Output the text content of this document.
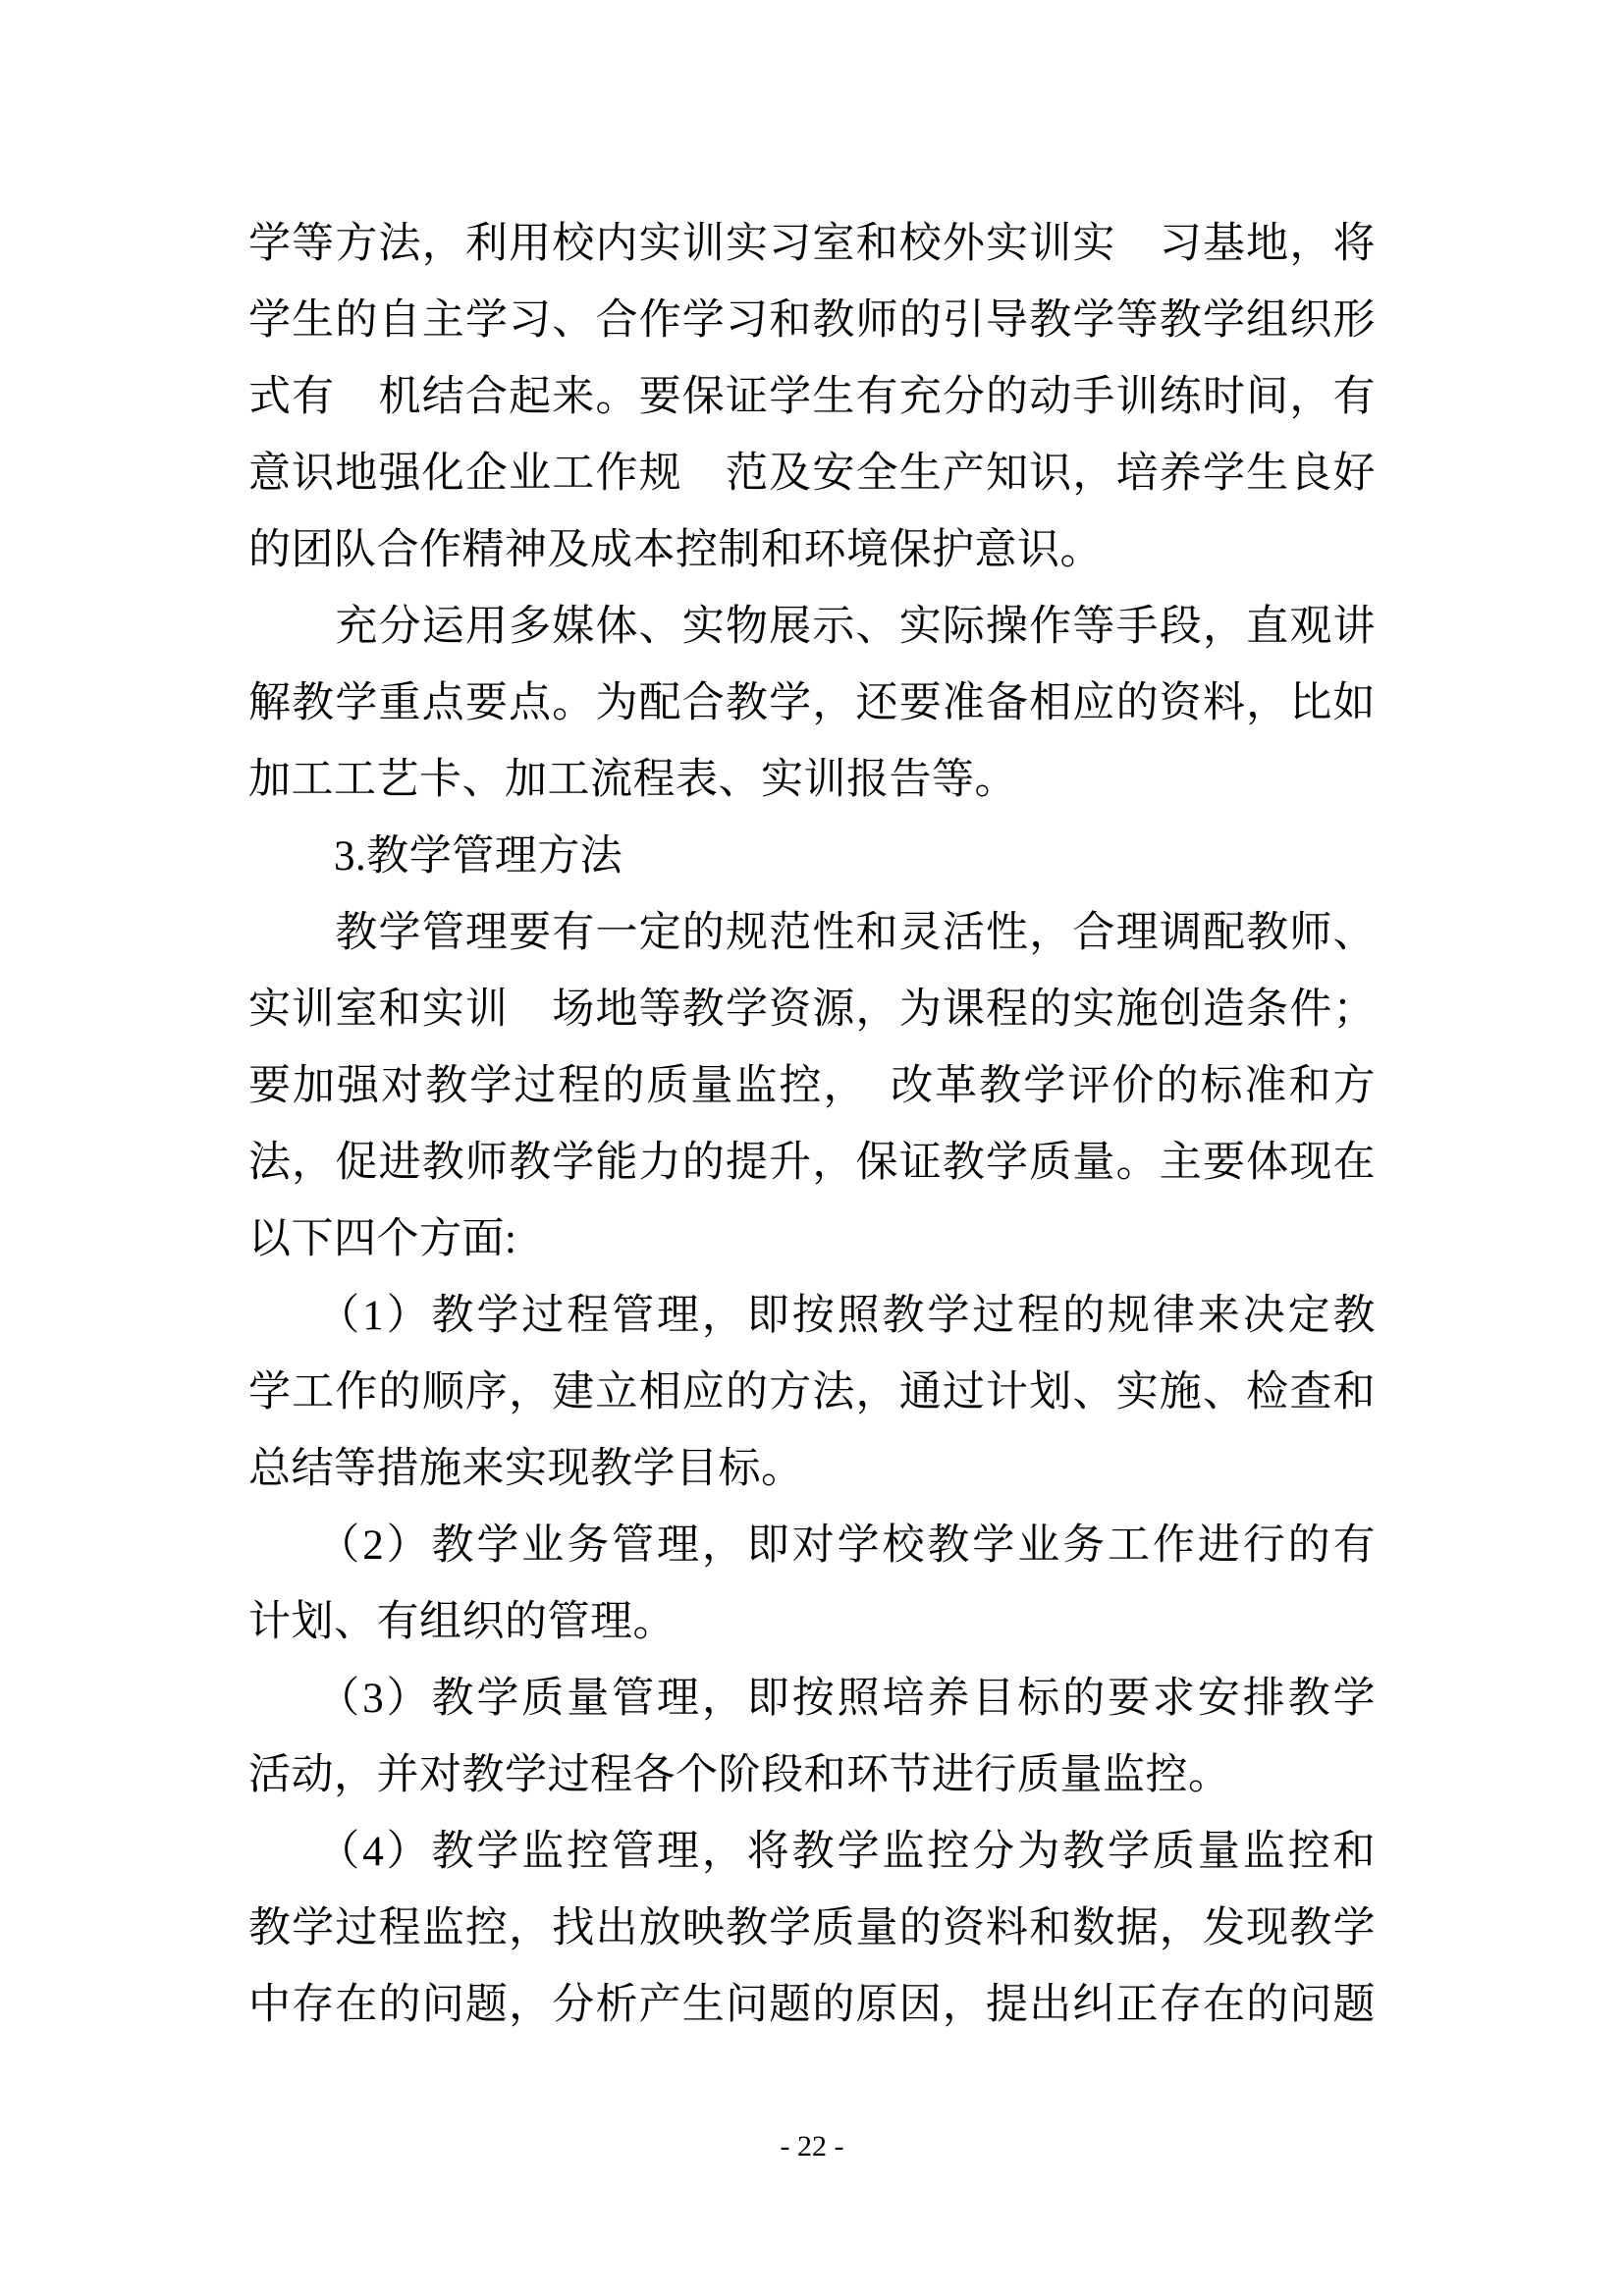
学等方法，利用校内实训实习室和校外实训实　习基地，将
学生的自主学习、合作学习和教师的引导教学等教学组织形
式有　机结合起来。要保证学生有充分的动手训练时间，有
意识地强化企业工作规　范及安全生产知识，培养学生良好
的团队合作精神及成本控制和环境保护意识。
　　充分运用多媒体、实物展示、实际操作等手段，直观讲
解教学重点要点。为配合教学，还要准备相应的资料，比如
加工工艺卡、加工流程表、实训报告等。
　　3.教学管理方法
　　教学管理要有一定的规范性和灵活性，合理调配教师、
实训室和实训　场地等教学资源，为课程的实施创造条件；
要加强对教学过程的质量监控，　改革教学评价的标准和方
法，促进教师教学能力的提升，保证教学质量。主要体现在
以下四个方面:
　　（1）教学过程管理，即按照教学过程的规律来决定教
学工作的顺序，建立相应的方法，通过计划、实施、检查和
总结等措施来实现教学目标。
　　（2）教学业务管理，即对学校教学业务工作进行的有
计划、有组织的管理。
　　（3）教学质量管理，即按照培养目标的要求安排教学
活动，并对教学过程各个阶段和环节进行质量监控。
　　（4）教学监控管理，将教学监控分为教学质量监控和
教学过程监控，找出放映教学质量的资料和数据，发现教学
中存在的问题，分析产生问题的原因，提出纠正存在的问题
- 22 -
